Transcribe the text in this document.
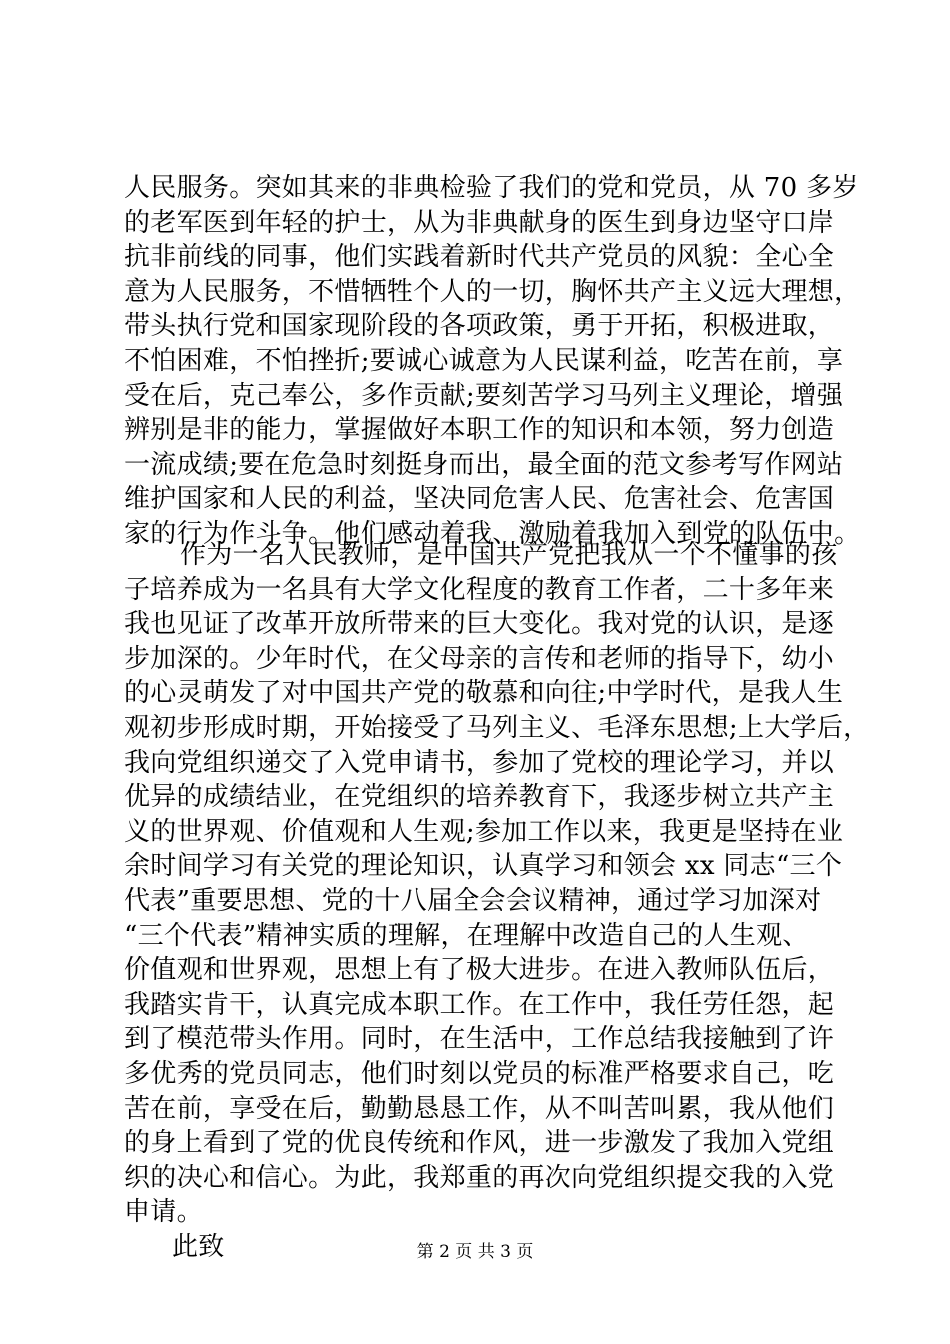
人民服务。突如其来的非典检验了我们的党和党员，从 70 多岁
的老军医到年轻的护士，从为非典献身的医生到身边坚守口岸
抗非前线的同事，他们实践着新时代共产党员的风貌：全心全
意为人民服务，不惜牺牲个人的一切，胸怀共产主义远大理想，
带头执行党和国家现阶段的各项政策，勇于开拓，积极进取，
不怕困难，不怕挫折;要诚心诚意为人民谋利益，吃苦在前，享
受在后，克己奉公，多作贡献;要刻苦学习马列主义理论，增强
辨别是非的能力，掌握做好本职工作的知识和本领，努力创造
一流成绩;要在危急时刻挺身而出，最全面的范文参考写作网站
维护国家和人民的利益，坚决同危害人民、危害社会、危害国
家的行为作斗争。他们感动着我、激励着我加入到党的队伍中。
作为一名人民教师，是中国共产党把我从一个不懂事的孩
子培养成为一名具有大学文化程度的教育工作者，二十多年来
我也见证了改革开放所带来的巨大变化。我对党的认识，是逐
步加深的。少年时代，在父母亲的言传和老师的指导下，幼小
的心灵萌发了对中国共产党的敬慕和向往;中学时代，是我人生
观初步形成时期，开始接受了马列主义、毛泽东思想;上大学后，
我向党组织递交了入党申请书，参加了党校的理论学习，并以
优异的成绩结业，在党组织的培养教育下，我逐步树立共产主
义的世界观、价值观和人生观;参加工作以来，我更是坚持在业
余时间学习有关党的理论知识，认真学习和领会 xx 同志“三个
代表”重要思想、党的十八届全会会议精神，通过学习加深对
“三个代表”精神实质的理解，在理解中改造自己的人生观、
价值观和世界观，思想上有了极大进步。在进入教师队伍后，
我踏实肯干，认真完成本职工作。在工作中，我任劳任怨，起
到了模范带头作用。同时，在生活中，工作总结我接触到了许
多优秀的党员同志，他们时刻以党员的标准严格要求自己，吃
苦在前，享受在后，勤勤恳恳工作，从不叫苦叫累，我从他们
的身上看到了党的优良传统和作风，进一步激发了我加入党组
织的决心和信心。为此，我郑重的再次向党组织提交我的入党
申请。
此致	第 2 页 共 3 页
